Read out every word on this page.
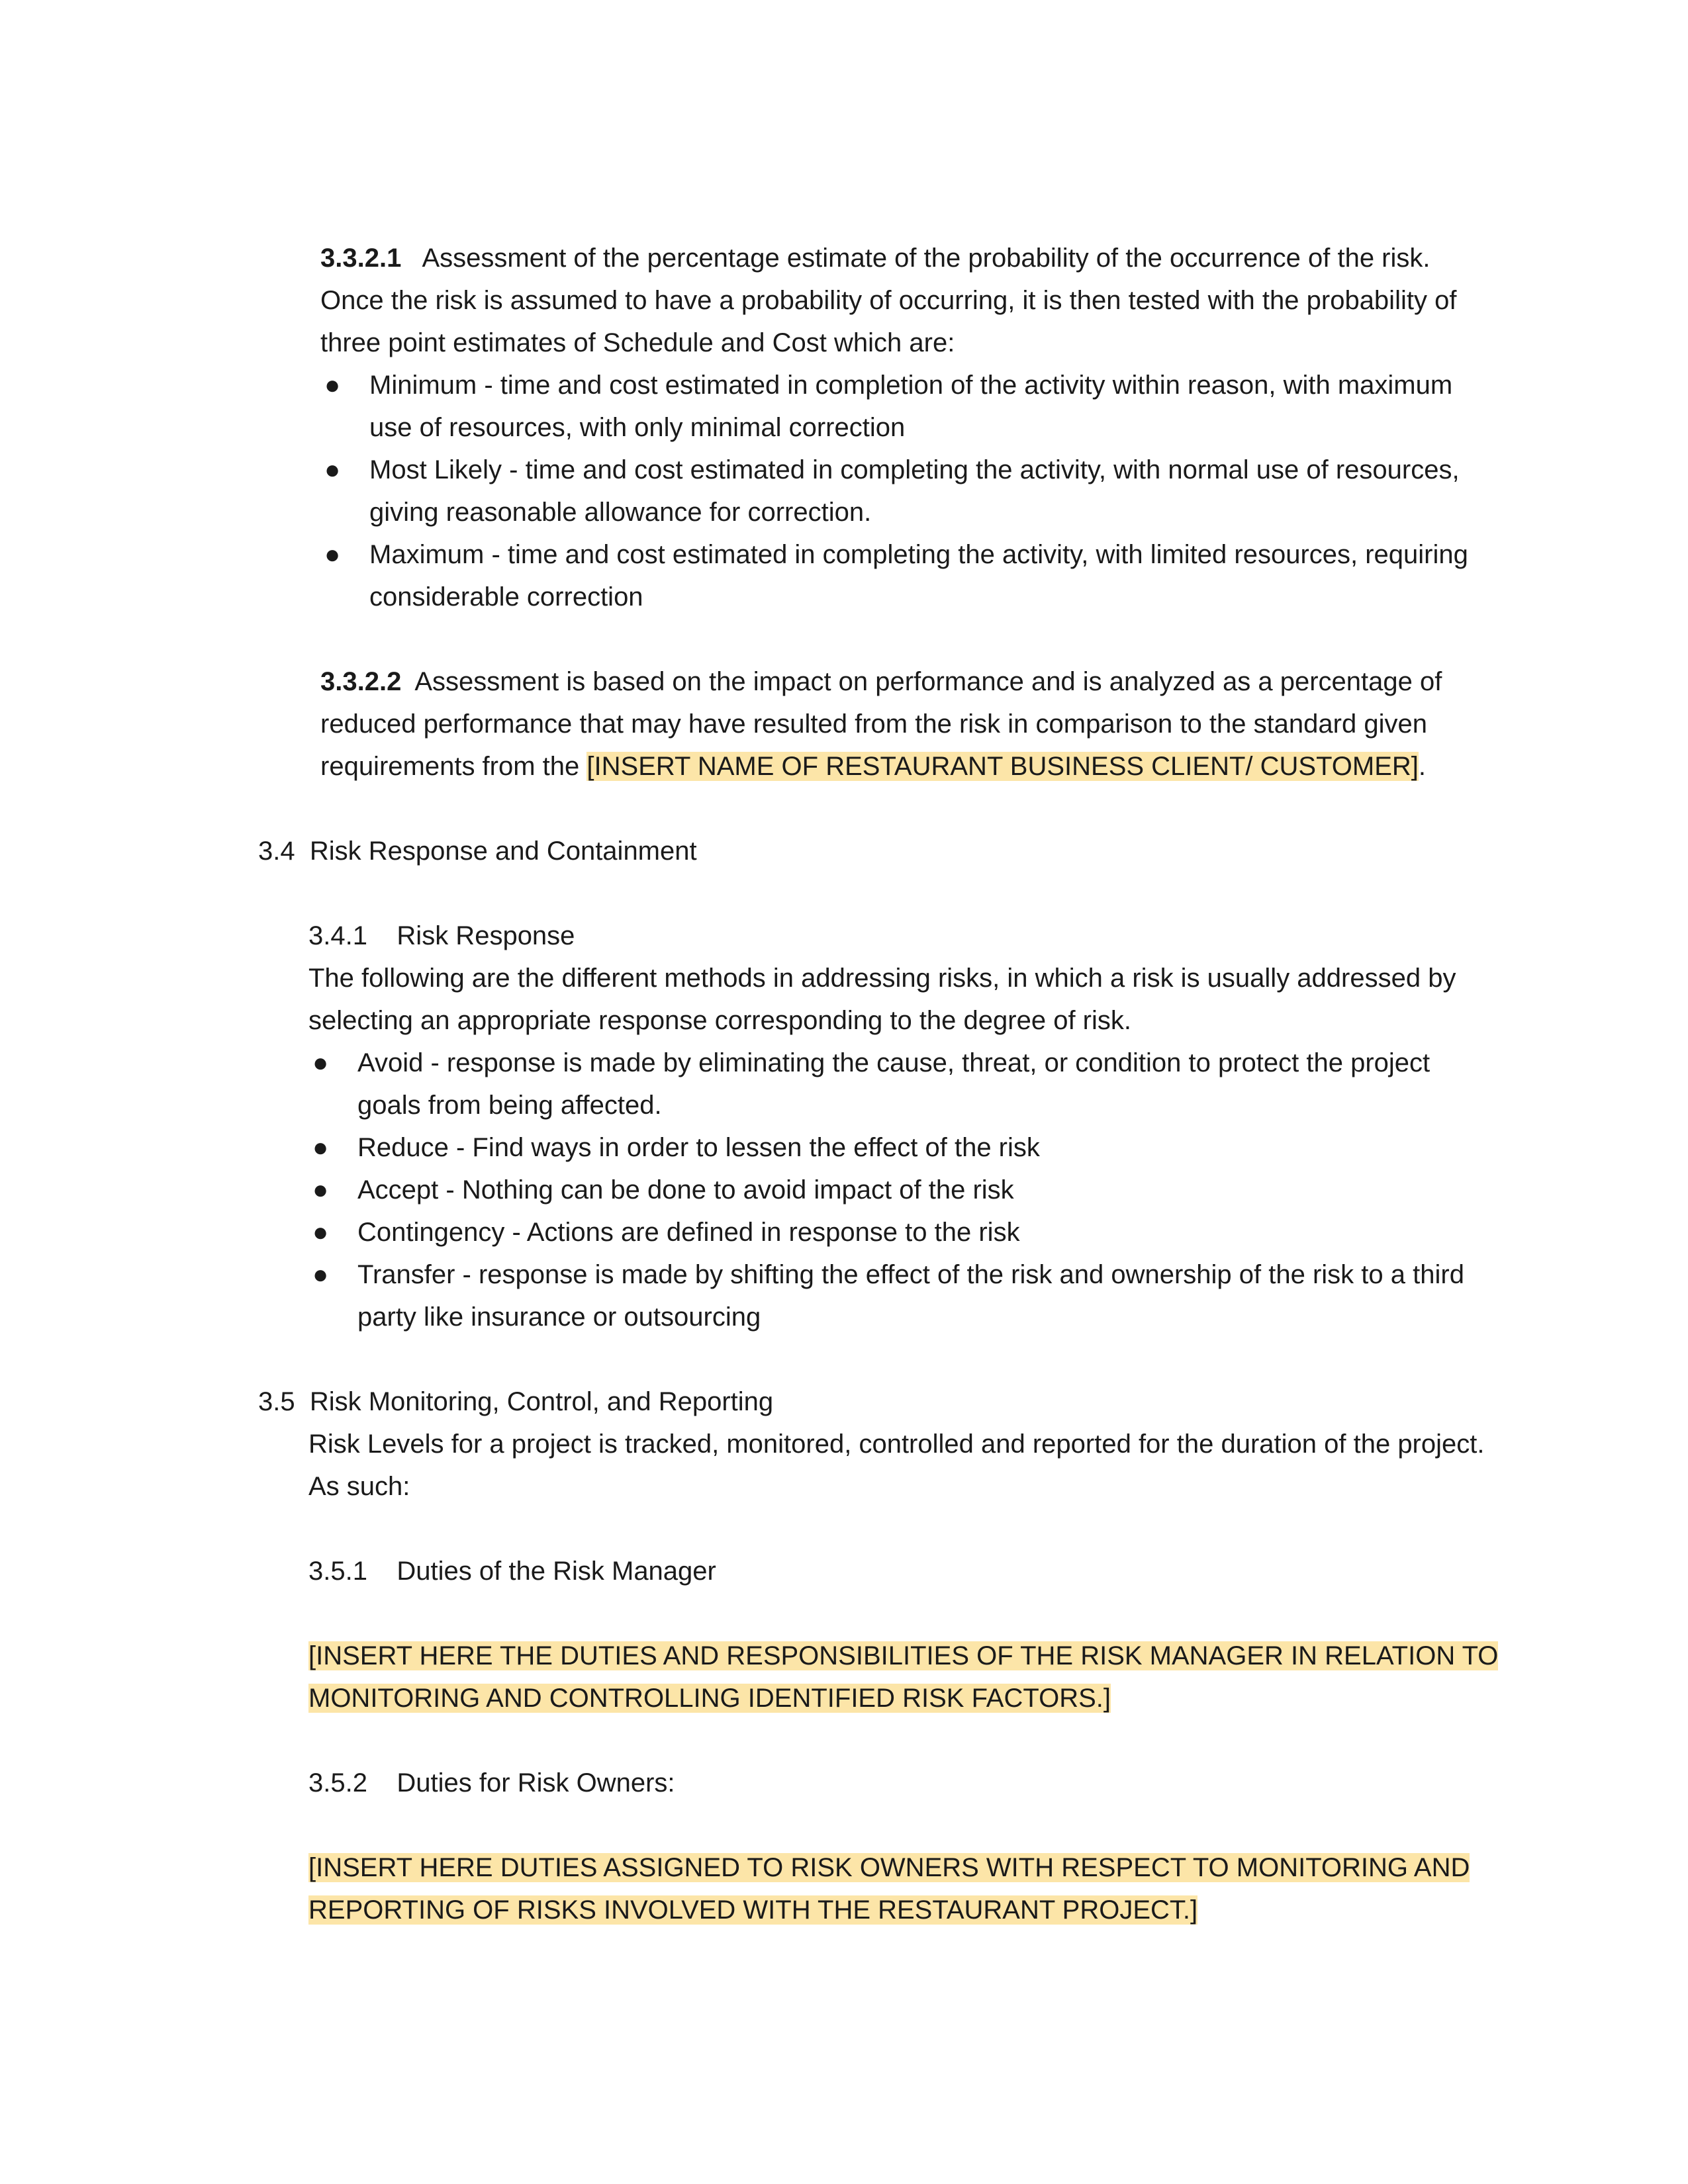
3.3.2.1 Assessment of the percentage estimate of the probability of the occurrence of the risk. Once the risk is assumed to have a probability of occurring, it is then tested with the probability of three point estimates of Schedule and Cost which are:

● Minimum - time and cost estimated in completion of the activity within reason, with maximum use of resources, with only minimal correction
● Most Likely - time and cost estimated in completing the activity, with normal use of resources, giving reasonable allowance for correction.
● Maximum - time and cost estimated in completing the activity, with limited resources, requiring considerable correction

3.3.2.2 Assessment is based on the impact on performance and is analyzed as a percentage of reduced performance that may have resulted from the risk in comparison to the standard given requirements from the [INSERT NAME OF RESTAURANT BUSINESS CLIENT/ CUSTOMER].

3.4 Risk Response and Containment
3.4.1 Risk Response

The following are the different methods in addressing risks, in which a risk is usually addressed by selecting an appropriate response corresponding to the degree of risk.

● Avoid - response is made by eliminating the cause, threat, or condition to protect the project goals from being affected.
● Reduce - Find ways in order to lessen the effect of the risk
● Accept - Nothing can be done to avoid impact of the risk
● Contingency - Actions are defined in response to the risk
● Transfer - response is made by shifting the effect of the risk and ownership of the risk to a third party like insurance or outsourcing
3.5 Risk Monitoring, Control, and Reporting

Risk Levels for a project is tracked, monitored, controlled and reported for the duration of the project. As such:

3.5.1 Duties of the Risk Manager
[INSERT HERE THE DUTIES AND RESPONSIBILITIES OF THE RISK MANAGER IN RELATION TO
MONITORING AND CONTROLLING IDENTIFIED RISK FACTORS.]
3.5.2 Duties for Risk Owners:
[INSERT HERE DUTIES ASSIGNED TO RISK OWNERS WITH RESPECT TO MONITORING AND
REPORTING OF RISKS INVOLVED WITH THE RESTAURANT PROJECT.]
